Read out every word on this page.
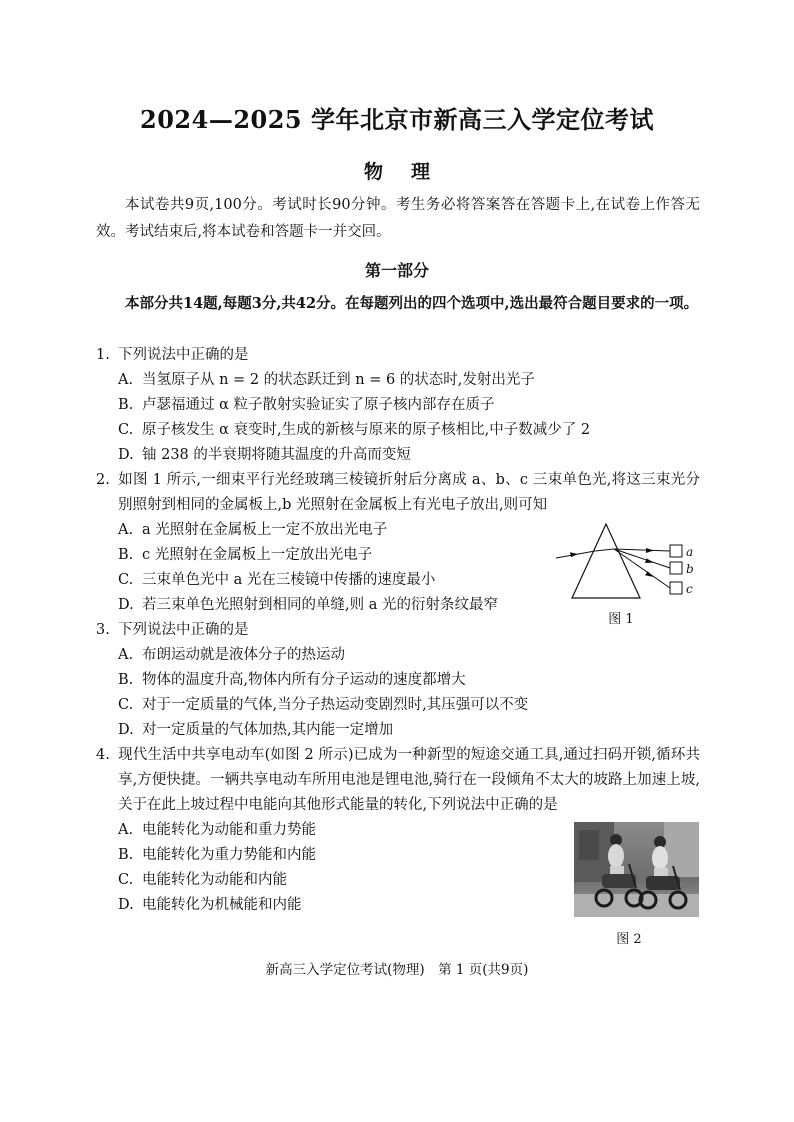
2024—2025 学年北京市新高三入学定位考试
物理
本试卷共9页,100分。考试时长90分钟。考生务必将答案答在答题卡上,在试卷上作答无效。考试结束后,将本试卷和答题卡一并交回。
第一部分
本部分共14题,每题3分,共42分。在每题列出的四个选项中,选出最符合题目要求的一项。
1. 下列说法中正确的是
A. 当氢原子从 n = 2 的状态跃迁到 n = 6 的状态时,发射出光子
B. 卢瑟福通过 α 粒子散射实验证实了原子核内部存在质子
C. 原子核发生 α 衰变时,生成的新核与原来的原子核相比,中子数减少了 2
D. 铀 238 的半衰期将随其温度的升高而变短
2. 如图 1 所示,一细束平行光经玻璃三棱镜折射后分离成 a、b、c 三束单色光,将这三束光分别照射到相同的金属板上,b 光照射在金属板上有光电子放出,则可知
A. a 光照射在金属板上一定不放出光电子
B. c 光照射在金属板上一定放出光电子
C. 三束单色光中 a 光在三棱镜中传播的速度最小
D. 若三束单色光照射到相同的单缝,则 a 光的衍射条纹最窄
a
b
c
图 1
3. 下列说法中正确的是
A. 布朗运动就是液体分子的热运动
B. 物体的温度升高,物体内所有分子运动的速度都增大
C. 对于一定质量的气体,当分子热运动变剧烈时,其压强可以不变
D. 对一定质量的气体加热,其内能一定增加
4. 现代生活中共享电动车(如图 2 所示)已成为一种新型的短途交通工具,通过扫码开锁,循环共享,方便快捷。一辆共享电动车所用电池是锂电池,骑行在一段倾角不太大的坡路上加速上坡,关于在此上坡过程中电能向其他形式能量的转化,下列说法中正确的是
A. 电能转化为动能和重力势能
B. 电能转化为重力势能和内能
C. 电能转化为动能和内能
D. 电能转化为机械能和内能
图 2
新高三入学定位考试(物理)　第 1 页(共9页)
